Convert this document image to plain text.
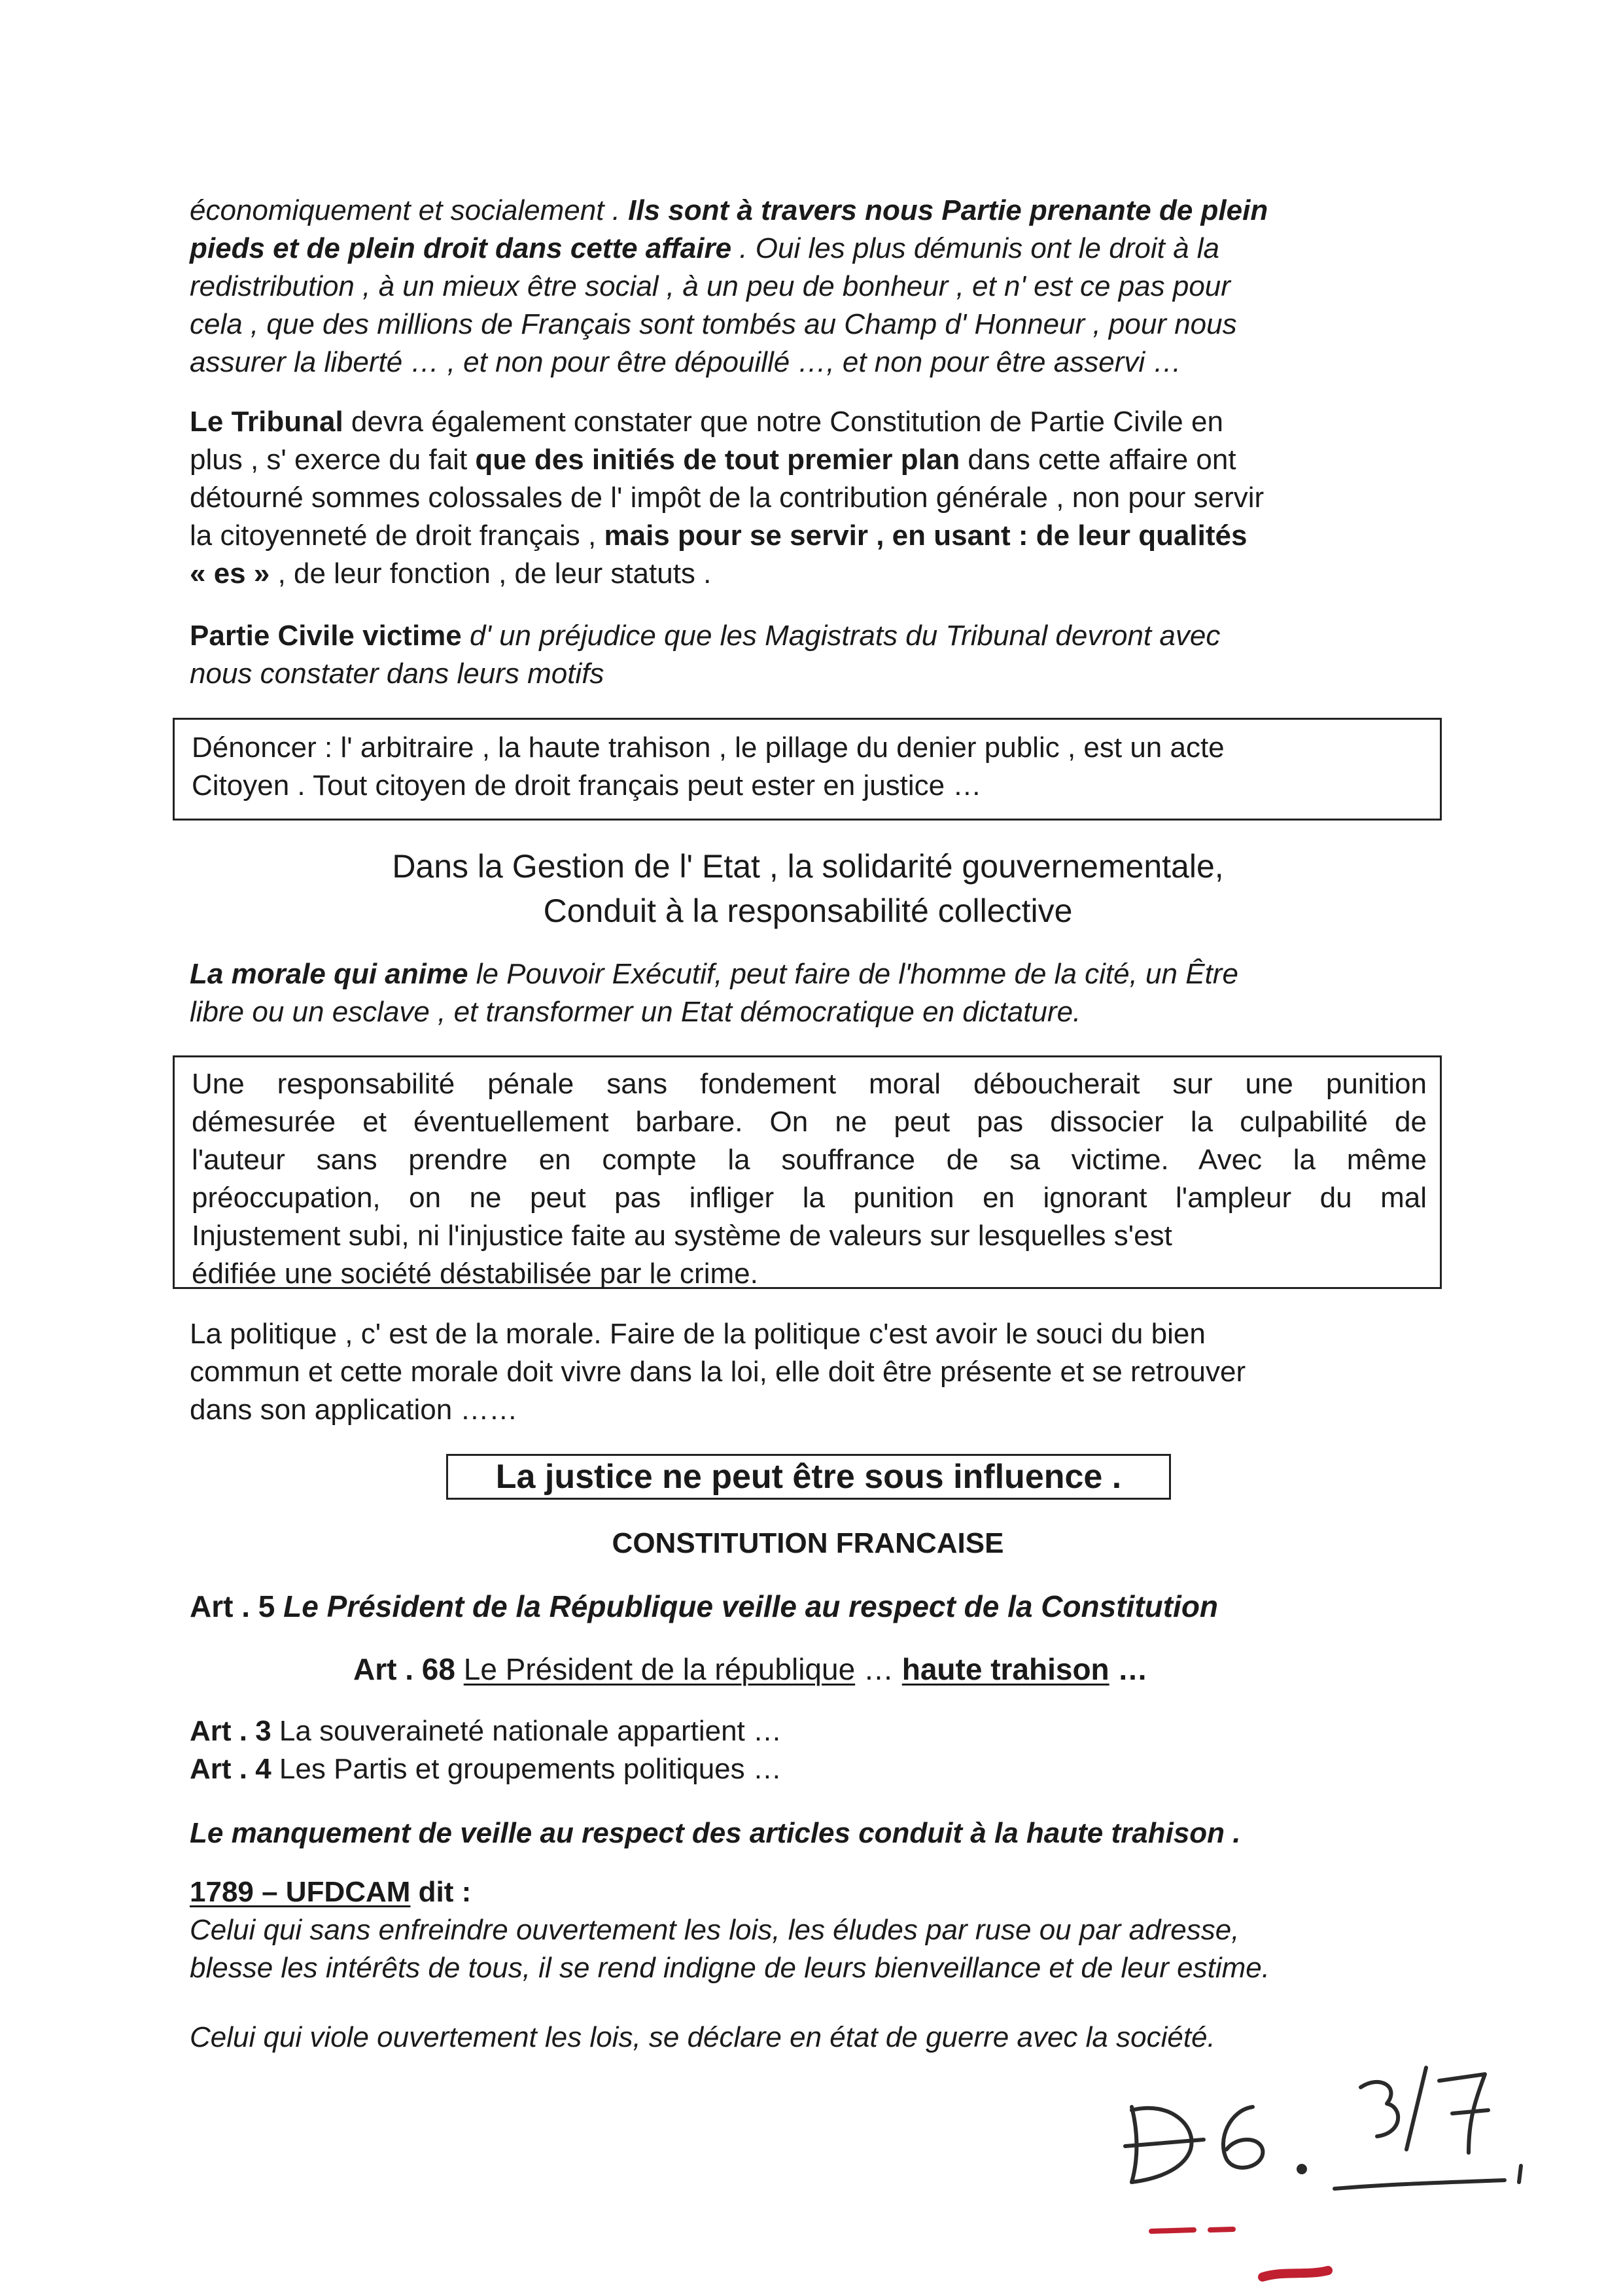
économiquement et socialement . Ils sont à travers nous Partie prenante de plein
pieds et de plein droit dans cette affaire . Oui les plus démunis ont le droit à la
redistribution , à un mieux être social , à un peu de bonheur , et n' est ce pas pour
cela , que des millions de Français sont tombés au Champ d' Honneur , pour nous
assurer la liberté … , et non pour être dépouillé …, et non pour être asservi …
Le Tribunal devra également constater que notre Constitution de Partie Civile en
plus , s' exerce du fait que des initiés de tout premier plan dans cette affaire ont
détourné sommes colossales de l' impôt de la contribution générale , non pour servir
la citoyenneté de droit français , mais pour se servir , en usant : de leur qualités
« es » , de leur fonction , de leur statuts .
Partie Civile victime d' un préjudice que les Magistrats du Tribunal devront avec
nous constater dans leurs motifs
Dénoncer : l' arbitraire , la haute trahison , le pillage du denier public , est un acte
Citoyen . Tout citoyen de droit français peut ester en justice …
Dans la Gestion de l' Etat , la solidarité gouvernementale,
Conduit à la responsabilité collective
La morale qui anime le Pouvoir Exécutif, peut faire de l'homme de la cité, un Être
libre ou un esclave , et transformer un Etat démocratique en dictature.
Une responsabilité pénale sans fondement moral déboucherait sur une punition
démesurée et éventuellement barbare. On ne peut pas dissocier la culpabilité de
l'auteur sans prendre en compte la souffrance de sa victime. Avec la même
préoccupation, on ne peut pas infliger la punition en ignorant l'ampleur du mal
Injustement subi, ni l'injustice faite au système de valeurs sur lesquelles s'est
édifiée une société déstabilisée par le crime.
La politique , c' est de la morale. Faire de la politique c'est avoir le souci du bien
commun et cette morale doit vivre dans la loi, elle doit être présente et se retrouver
dans son application ……
La justice ne peut être sous influence .
CONSTITUTION FRANCAISE
Art . 5 Le Président de la République veille au respect de la Constitution
Art . 68 Le Président de la république … haute trahison …
Art . 3 La souveraineté nationale appartient …
Art . 4 Les Partis et groupements politiques …
Le manquement de veille au respect des articles conduit à la haute trahison .
1789 – UFDCAM dit :
Celui qui sans enfreindre ouvertement les lois, les éludes par ruse ou par adresse,
blesse les intérêts de tous, il se rend indigne de leurs bienveillance et de leur estime.
Celui qui viole ouvertement les lois, se déclare en état de guerre avec la société.
